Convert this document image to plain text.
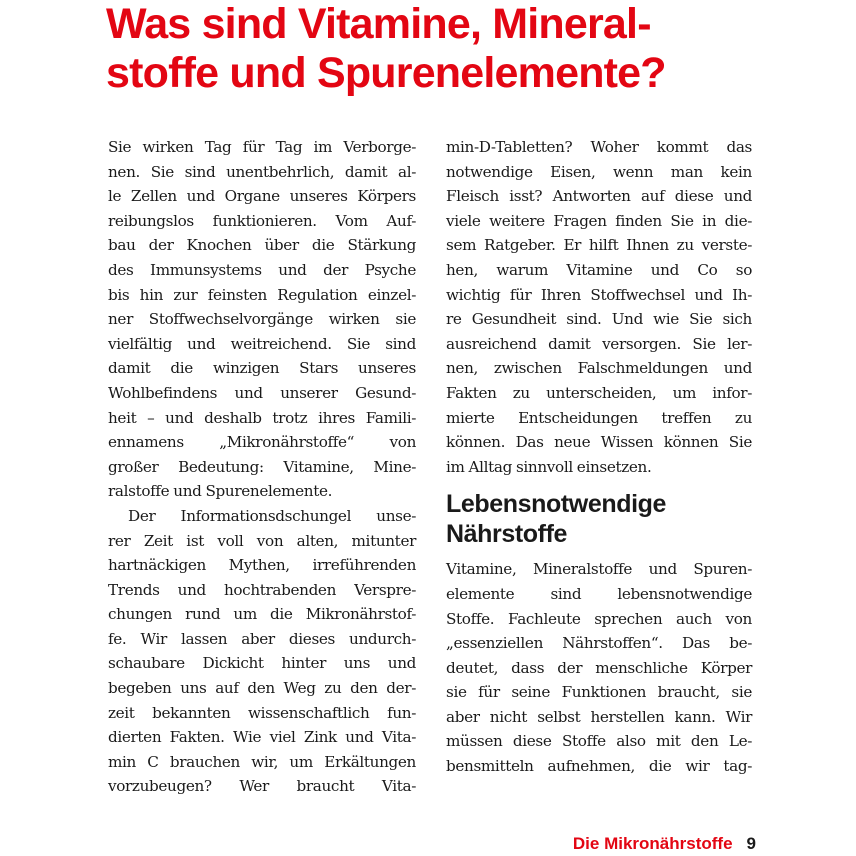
Was sind Vitamine, Mineral-
stoffe und Spurenelemente?
Sie wirken Tag für Tag im Verborge-
nen. Sie sind unentbehrlich, damit al-
le Zellen und Organe unseres Körpers
reibungslos funktionieren. Vom Auf-
bau der Knochen über die Stärkung
des Immunsystems und der Psyche
bis hin zur feinsten Regulation einzel-
ner Stoffwechselvorgänge wirken sie
vielfältig und weitreichend. Sie sind
damit die winzigen Stars unseres
Wohlbefindens und unserer Gesund-
heit – und deshalb trotz ihres Famili-
ennamens „Mikronährstoffe“ von
großer Bedeutung: Vitamine, Mine-
ralstoffe und Spurenelemente.
Der Informationsdschungel unse-
rer Zeit ist voll von alten, mitunter
hartnäckigen Mythen, irreführenden
Trends und hochtrabenden Verspre-
chungen rund um die Mikronährstof-
fe. Wir lassen aber dieses undurch-
schaubare Dickicht hinter uns und
begeben uns auf den Weg zu den der-
zeit bekannten wissenschaftlich fun-
dierten Fakten. Wie viel Zink und Vita-
min C brauchen wir, um Erkältungen
vorzubeugen? Wer braucht Vita-
min-D-Tabletten? Woher kommt das
notwendige Eisen, wenn man kein
Fleisch isst? Antworten auf diese und
viele weitere Fragen finden Sie in die-
sem Ratgeber. Er hilft Ihnen zu verste-
hen, warum Vitamine und Co so
wichtig für Ihren Stoffwechsel und Ih-
re Gesundheit sind. Und wie Sie sich
ausreichend damit versorgen. Sie ler-
nen, zwischen Falschmeldungen und
Fakten zu unterscheiden, um infor-
mierte Entscheidungen treffen zu
können. Das neue Wissen können Sie
im Alltag sinnvoll einsetzen.
Lebensnotwendige
Nährstoffe
Vitamine, Mineralstoffe und Spuren-
elemente sind lebensnotwendige
Stoffe. Fachleute sprechen auch von
„essenziellen Nährstoffen“. Das be-
deutet, dass der menschliche Körper
sie für seine Funktionen braucht, sie
aber nicht selbst herstellen kann. Wir
müssen diese Stoffe also mit den Le-
bensmitteln aufnehmen, die wir tag-
Die Mikronährstoffe 9
